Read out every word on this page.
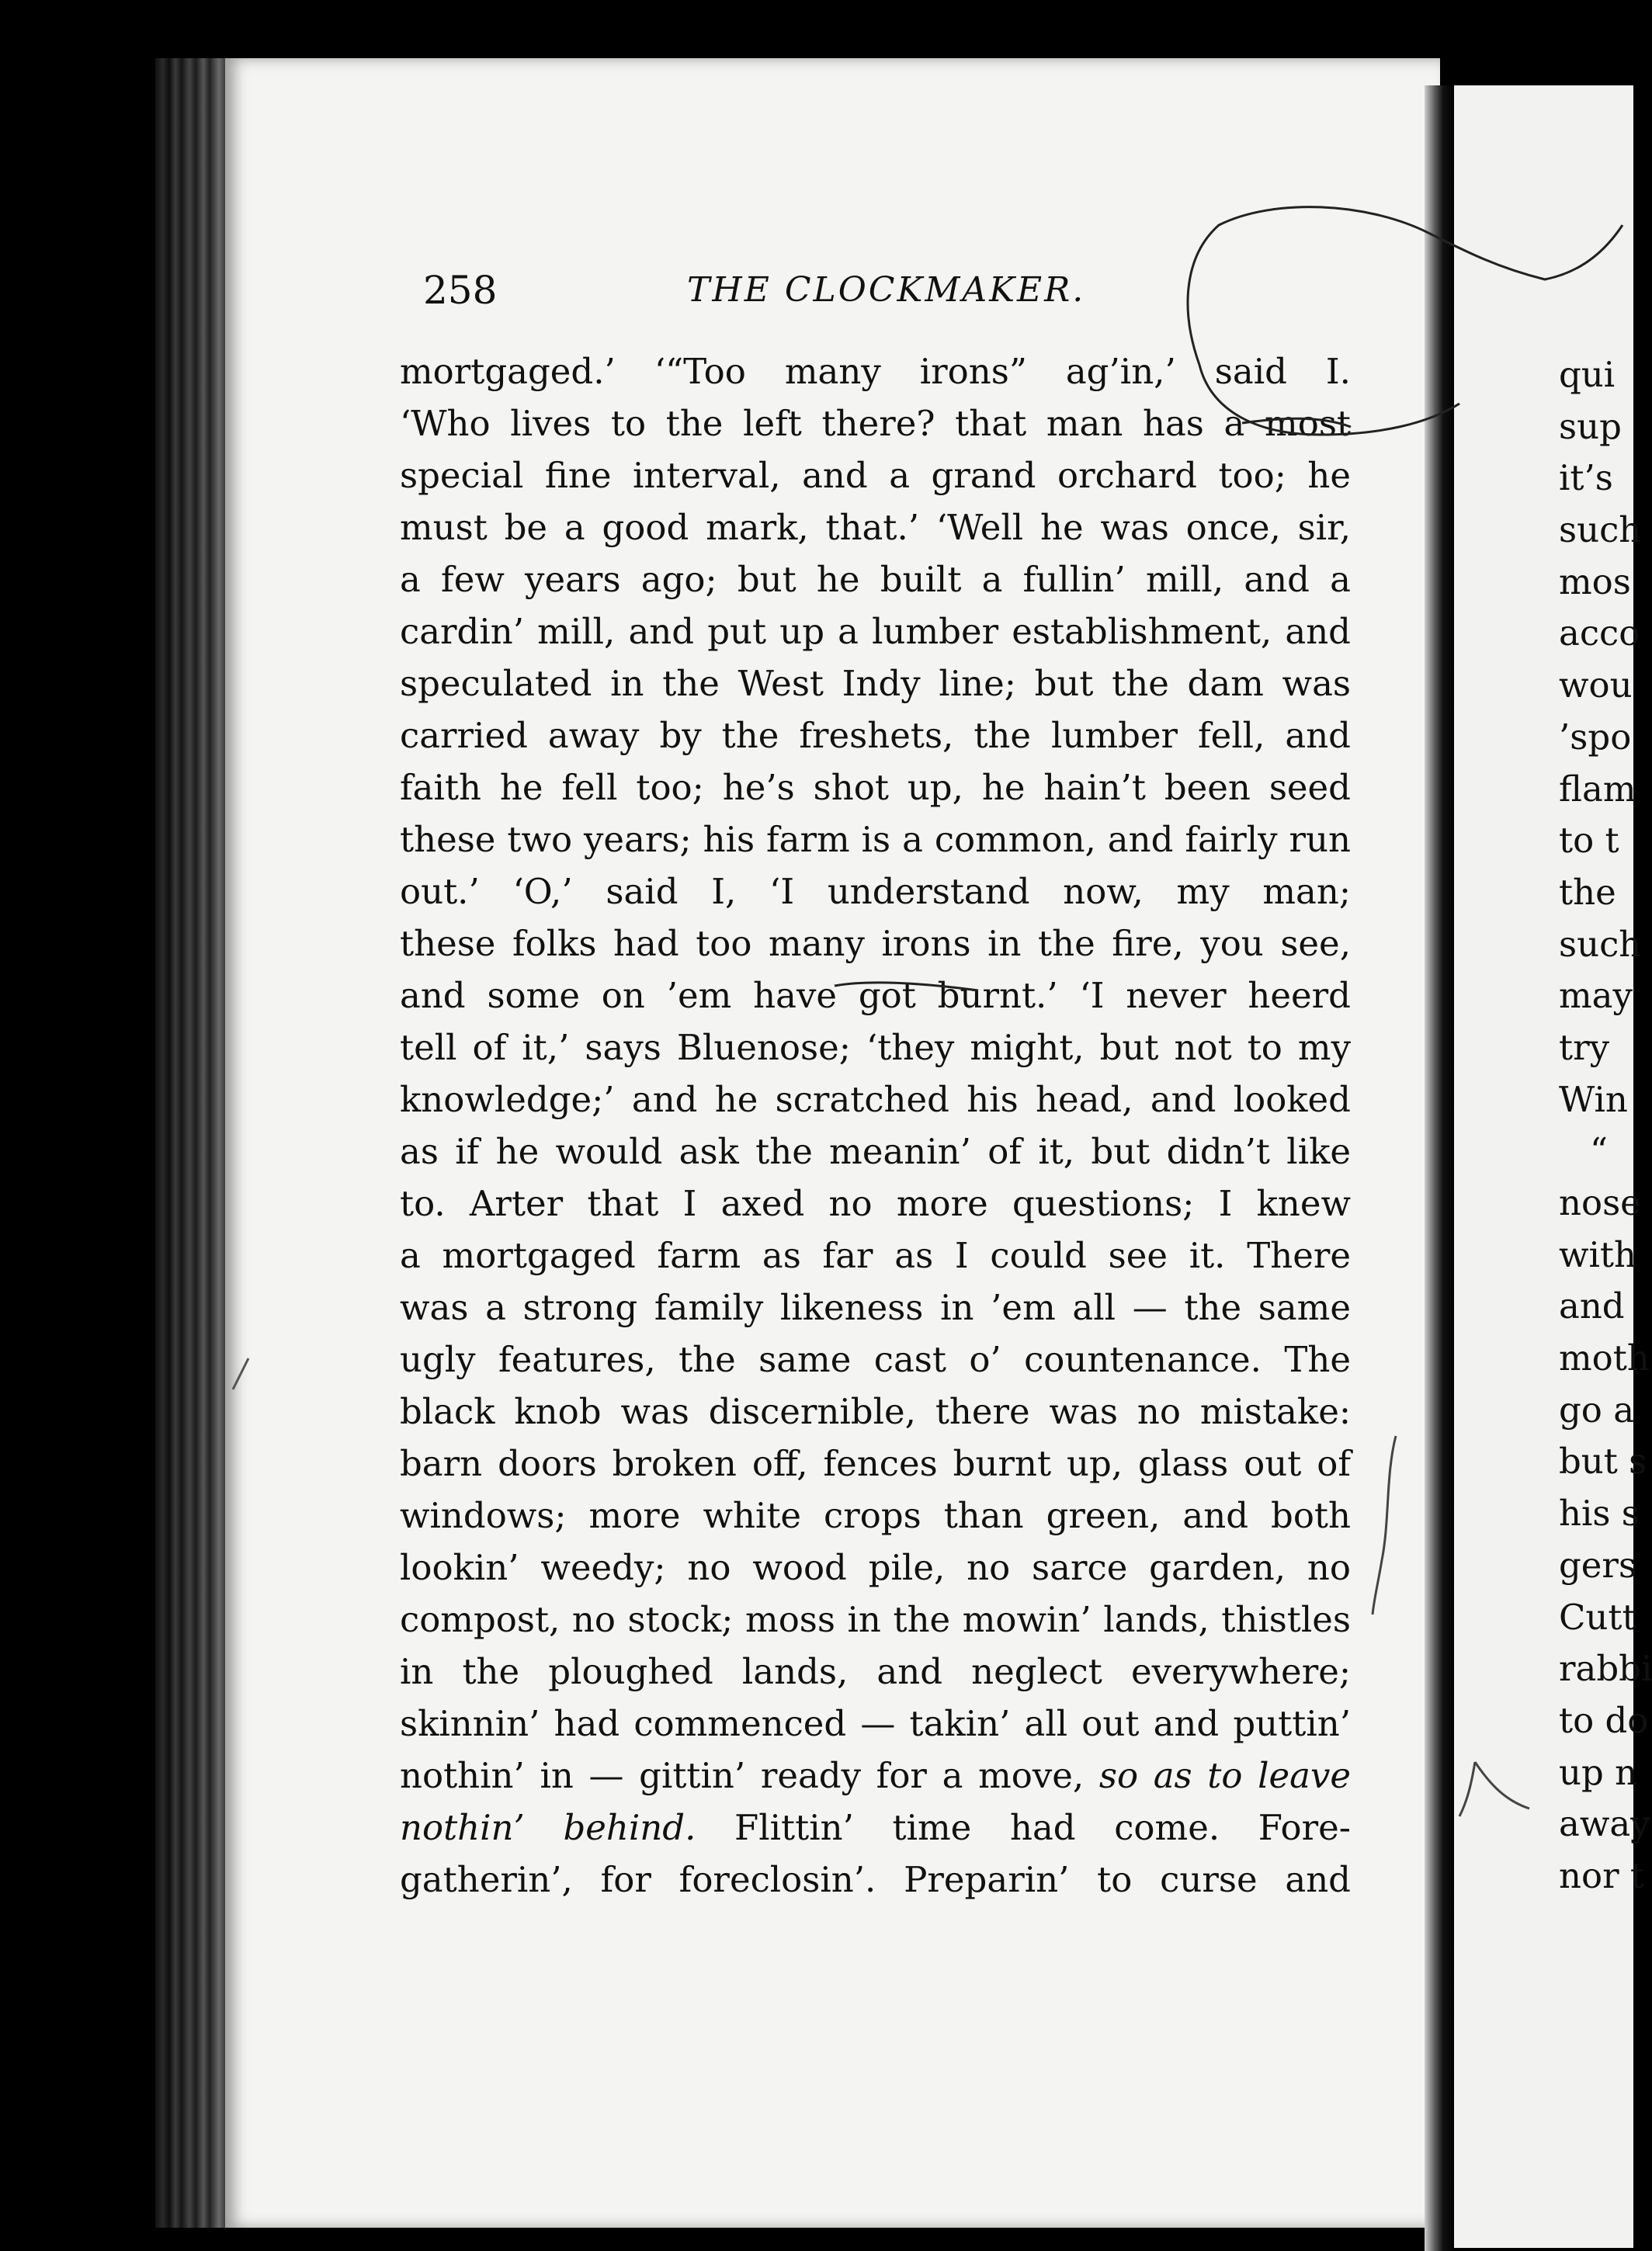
258	THE CLOCKMAKER.
mortgaged.’ ‘“Too many irons” ag’in,’ said I.
‘Who lives to the left there? that man has a most
special fine interval, and a grand orchard too; he
must be a good mark, that.’ ‘Well he was once, sir,
a few years ago; but he built a fullin’ mill, and a
cardin’ mill, and put up a lumber establishment, and
speculated in the West Indy line; but the dam was
carried away by the freshets, the lumber fell, and
faith he fell too; he’s shot up, he hain’t been seed
these two years; his farm is a common, and fairly run
out.’ ‘O,’ said I, ‘I understand now, my man;
these folks had too many irons in the fire, you see,
and some on ’em have got burnt.’ ‘I never heerd
tell of it,’ says Bluenose; ‘they might, but not to my
knowledge;’ and he scratched his head, and looked
as if he would ask the meanin’ of it, but didn’t like
to. Arter that I axed no more questions; I knew
a mortgaged farm as far as I could see it. There
was a strong family likeness in ’em all — the same
ugly features, the same cast o’ countenance. The
black knob was discernible, there was no mistake:
barn doors broken off, fences burnt up, glass out of
windows; more white crops than green, and both
lookin’ weedy; no wood pile, no sarce garden, no
compost, no stock; moss in the mowin’ lands, thistles
in the ploughed lands, and neglect everywhere;
skinnin’ had commenced — takin’ all out and puttin’
nothin’ in — gittin’ ready for a move, so as to leave
nothin’ behind. Flittin’ time had come. Fore-
gatherin’, for foreclosin’. Preparin’ to curse and
qui
sup
it’s
such
mos
acco
wou
’spo
flam
to t
the
such
may
try
Win
“
nose
with
and
moth
go a
but s
his s
gers
Cutt
rabbi
to do
up n
away
nor t
